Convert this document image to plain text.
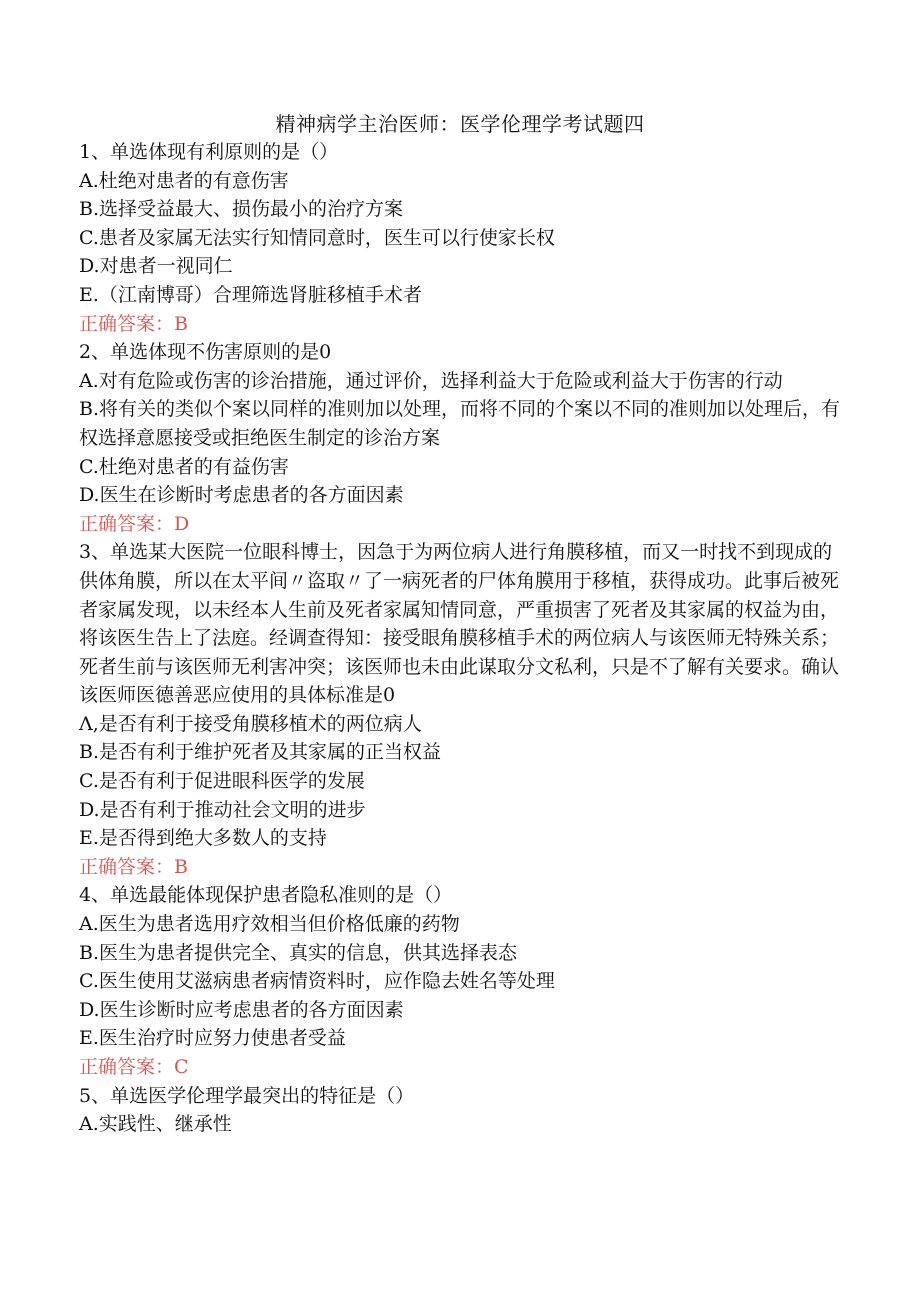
精神病学主治医师：医学伦理学考试题四
1、单选体现有利原则的是（）
A.杜绝对患者的有意伤害
B.选择受益最大、损伤最小的治疗方案
C.患者及家属无法实行知情同意时，医生可以行使家长权
D.对患者一视同仁
E.（江南博哥）合理筛选肾脏移植手术者
正确答案：B
2、单选体现不伤害原则的是0
A.对有危险或伤害的诊治措施，通过评价，选择利益大于危险或利益大于伤害的行动
B.将有关的类似个案以同样的准则加以处理，而将不同的个案以不同的准则加以处理后，有权选择意愿接受或拒绝医生制定的诊治方案
C.杜绝对患者的有益伤害
D.医生在诊断时考虑患者的各方面因素
正确答案：D
3、单选某大医院一位眼科博士，因急于为两位病人进行角膜移植，而又一时找不到现成的供体角膜，所以在太平间〃盗取〃了一病死者的尸体角膜用于移植，获得成功。此事后被死者家属发现，以未经本人生前及死者家属知情同意，严重损害了死者及其家属的权益为由，将该医生告上了法庭。经调查得知：接受眼角膜移植手术的两位病人与该医师无特殊关系；死者生前与该医师无利害冲突；该医师也未由此谋取分文私利，只是不了解有关要求。确认该医师医德善恶应使用的具体标准是0
Λ,是否有利于接受角膜移植术的两位病人
B.是否有利于维护死者及其家属的正当权益
C.是否有利于促进眼科医学的发展
D.是否有利于推动社会文明的进步
E.是否得到绝大多数人的支持
正确答案：B
4、单选最能体现保护患者隐私准则的是（）
A.医生为患者选用疗效相当但价格低廉的药物
B.医生为患者提供完全、真实的信息，供其选择表态
C.医生使用艾滋病患者病情资料时，应作隐去姓名等处理
D.医生诊断时应考虑患者的各方面因素
E.医生治疗时应努力使患者受益
正确答案：C
5、单选医学伦理学最突出的特征是（）
A.实践性、继承性
